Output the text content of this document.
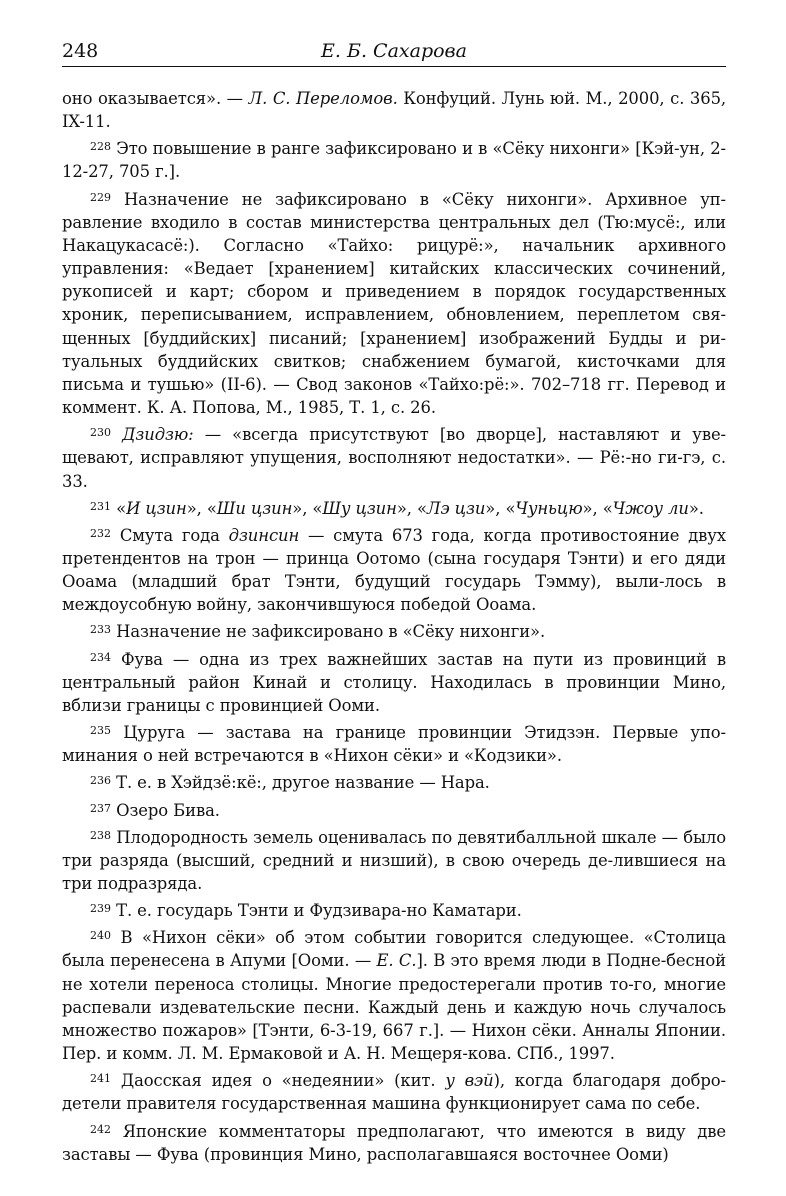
248	Е. Б. Сахарова

оно оказывается». — Л. С. Переломов. Конфуций. Лунь юй. М., 2000, с. 365, IX-11.

$^{228}$ Это повышение в ранге зафиксировано и в «Сёку нихонги» [Кэй-ун, 2-12-27, 705 г.].

$^{229}$ Назначение не зафиксировано в «Сёку нихонги». Архивное уп-равление входило в состав министерства центральных дел (Тю:мусё:, или Накацукасасё:). Согласно «Тайхо: рицурё:», начальник архивного управления: «Ведает [хранением] китайских классических сочинений, рукописей и карт; сбором и приведением в порядок государственных хроник, переписыванием, исправлением, обновлением, переплетом свя-щенных [буддийских] писаний; [хранением] изображений Будды и ри-туальных буддийских свитков; снабжением бумагой, кисточками для письма и тушью» (II-6). — Свод законов «Тайхо:рё:». 702–718 гг. Перевод и коммент. К. А. Попова, М., 1985, Т. 1, с. 26.

$^{230}$ Дзидзю: — «всегда присутствуют [во дворце], наставляют и уве-щевают, исправляют упущения, восполняют недостатки». — Рё:-но ги-гэ, с. 33.

$^{231}$ «И цзин», «Ши цзин», «Шу цзин», «Лэ цзи», «Чуньцю», «Чжоу ли».

$^{232}$ Смута года дзинсин — смута 673 года, когда противостояние двух претендентов на трон — принца Оотомо (сына государя Тэнти) и его дяди Ооама (младший брат Тэнти, будущий государь Тэмму), выли-лось в междоусобную войну, закончившуюся победой Ооама.

$^{233}$ Назначение не зафиксировано в «Сёку нихонги».

$^{234}$ Фува — одна из трех важнейших застав на пути из провинций в центральный район Кинай и столицу. Находилась в провинции Мино, вблизи границы с провинцией Ооми.

$^{235}$ Цуруга — застава на границе провинции Этидзэн. Первые упо-минания о ней встречаются в «Нихон сёки» и «Кодзики».

$^{236}$ Т. е. в Хэйдзё:кё:, другое название — Нара.

$^{237}$ Озеро Бива.

$^{238}$ Плодородность земель оценивалась по девятибалльной шкале — было три разряда (высший, средний и низший), в свою очередь де-лившиеся на три подразряда.

$^{239}$ Т. е. государь Тэнти и Фудзивара-но Каматари.

$^{240}$ В «Нихон сёки» об этом событии говорится следующее. «Столица была перенесена в Апуми [Ооми. — Е. С.]. В это время люди в Подне-бесной не хотели переноса столицы. Многие предостерегали против то-го, многие распевали издевательские песни. Каждый день и каждую ночь случалось множество пожаров» [Тэнти, 6-3-19, 667 г.]. — Нихон сёки. Анналы Японии. Пер. и комм. Л. М. Ермаковой и А. Н. Мещеря-кова. СПб., 1997.

$^{241}$ Даосская идея о «недеянии» (кит. у вэй), когда благодаря добро-детели правителя государственная машина функционирует сама по себе.

$^{242}$ Японские комментаторы предполагают, что имеются в виду две заставы — Фува (провинция Мино, располагавшаяся восточнее Ооми)
